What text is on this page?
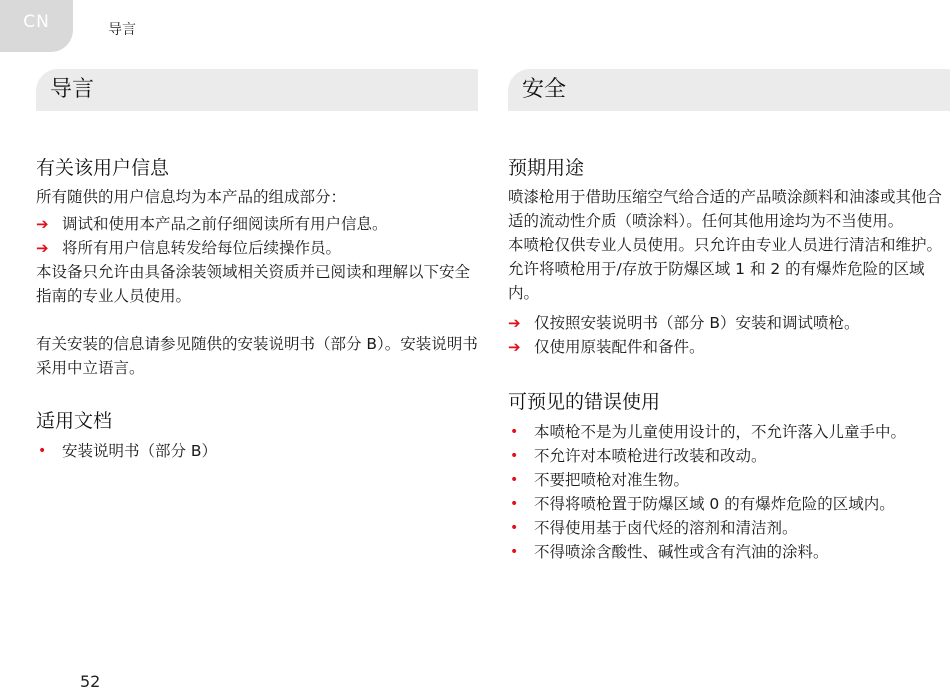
CN	导言
导言
有关该用户信息

所有随供的用户信息均为本产品的组成部分：

➔ 调试和使用本产品之前仔细阅读所有用户信息。
➔ 将所有用户信息转发给每位后续操作员。

本设备只允许由具备涂装领域相关资质并已阅读和理解以下安全指南的专业人员使用。

有关安装的信息请参见随供的安装说明书（部分 B）。安装说明书采用中立语言。

适用文档
• 安装说明书（部分 B）
安全
预期用途

喷漆枪用于借助压缩空气给合适的产品喷涂颜料和油漆或其他合适的流动性介质（喷涂料）。任何其他用途均为不当使用。

本喷枪仅供专业人员使用。只允许由专业人员进行清洁和维护。

允许将喷枪用于/存放于防爆区域 1 和 2 的有爆炸危险的区域内。

➔ 仅按照安装说明书（部分 B）安装和调试喷枪。
➔ 仅使用原装配件和备件。
可预见的错误使用
• 本喷枪不是为儿童使用设计的，不允许落入儿童手中。
• 不允许对本喷枪进行改装和改动。
• 不要把喷枪对准生物。
• 不得将喷枪置于防爆区域 0 的有爆炸危险的区域内。
• 不得使用基于卤代烃的溶剂和清洁剂。
• 不得喷涂含酸性、碱性或含有汽油的涂料。
52
